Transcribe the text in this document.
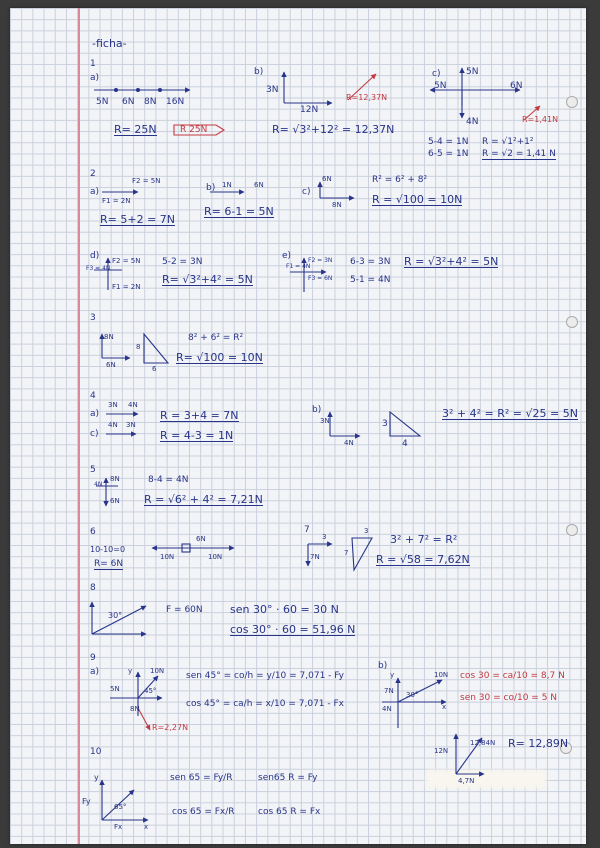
-ficha-
1
a)
5N 6N 8N 16N
R= 25N	R 25N
b)
3N
12N
R=12,37N
R= √3²+12² = 12,37N
c)	5N
6N
5N
4N	R=1,41N
5-4 = 1N
6-5 = 1N
R = √1²+1²
R = √2 = 1,41 N
2
a)
F2 = 5N
F1 = 2N
R= 5+2 = 7N
b) 1N	6N
R= 6-1 = 5N
c)
6N
8N
R² = 6² + 8²
R = √100 = 10N
d) F2 = 5N
F3 = 4N
F1 = 2N
5-2 = 3N
R= √3²+4² = 5N
e)	F2 = 3N
F1 = 4N
F3 = 6N
6-3 = 3N
5-1 = 4N
R = √3²+4² = 5N
3
8N
6N
8
6
8² + 6² = R²
R= √100 = 10N
4
a)
3N 4N
R = 3+4 = 7N
c)
4N 3N
R = 4-3 = 1N
b)
3N
4N
3
4
3² + 4² = R² = √25 = 5N
5
8N
4N
6N
8-4 = 4N
R = √6² + 4² = 7,21N
6
10-10=0
R= 6N
6N
10N	10N
7	3
7
7N
3	3² + 7² = R²
R = √58 = 7,62N
8
30°
F = 60N sen 30° · 60 = 30 N
cos 30° · 60 = 51,96 N
9
a)	y	10N
5N	45°
8N
R=2,27N
sen 45° = co/h = y/10 = 7,071 - Fy
cos 45° = ca/h = x/10 = 7,071 - Fx
b)
y
7N
4N
30°
10N
x
cos 30 = ca/10 = 8,7 N
sen 30 = co/10 = 5 N
12N
12,84N
4,7N
R= 12,89N
10
y
Fy
65°
Fx	x
sen 65 = Fy/R	sen65 R = Fy
cos 65 = Fx/R	cos 65 R = Fx
